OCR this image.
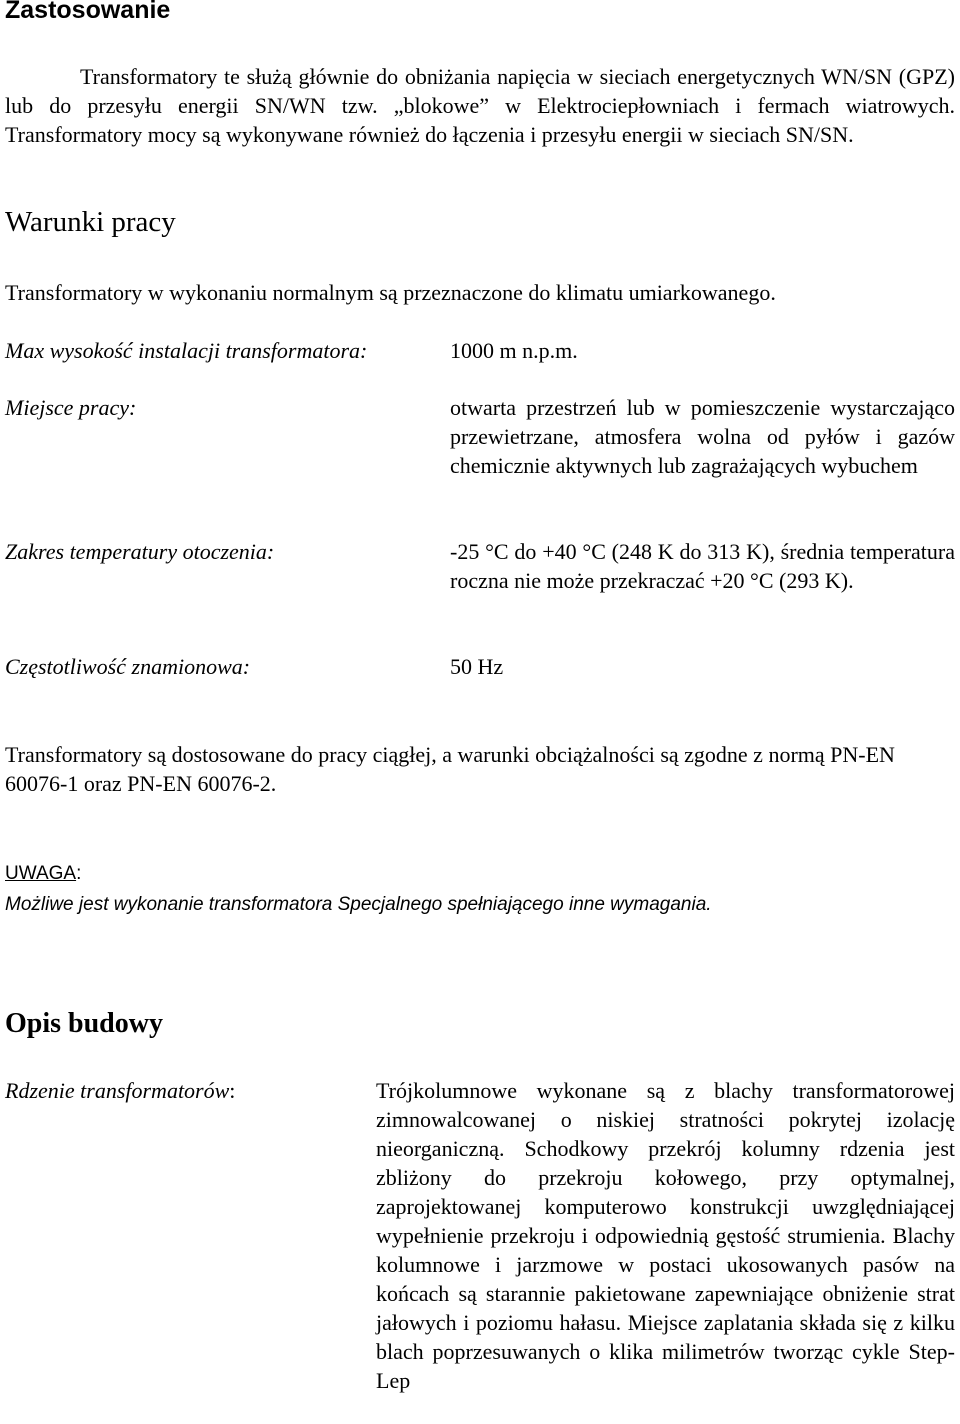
Zastosowanie

Transformatory te służą głównie do obniżania napięcia w sieciach energetycznych WN/SN (GPZ) lub do przesyłu energii SN/WN tzw. „blokowe” w Elektrociepłowniach i fermach wiatrowych. Transformatory mocy są wykonywane również do łączenia i przesyłu energii w sieciach SN/SN.

Warunki pracy

Transformatory w wykonaniu normalnym są przeznaczone do klimatu umiarkowanego.

Max wysokość instalacji transformatora:	1000 m n.p.m.
Miejsce pracy:	otwarta przestrzeń lub w pomieszczenie wystarczająco przewietrzane, atmosfera wolna od pyłów i gazów chemicznie aktywnych lub zagrażających wybuchem
Zakres temperatury otoczenia:	-25 °C do +40 °C (248 K do 313 K), średnia temperatura roczna nie może przekraczać +20 °C (293 K).
Częstotliwość znamionowa:	50 Hz

Transformatory są dostosowane do pracy ciągłej, a warunki obciążalności są zgodne z normą PN-EN 60076-1 oraz PN-EN 60076-2.

UWAGA:
Możliwe jest wykonanie transformatora Specjalnego spełniającego inne wymagania.
Opis budowy
Rdzenie transformatorów:	Trójkolumnowe wykonane są z blachy transformatorowej zimnowalcowanej o niskiej stratności pokrytej izolację nieorganiczną. Schodkowy przekrój kolumny rdzenia jest zbliżony do przekroju kołowego, przy optymalnej, zaprojektowanej komputerowo konstrukcji uwzględniającej wypełnienie przekroju i odpowiednią gęstość strumienia. Blachy kolumnowe i jarzmowe w postaci ukosowanych pasów na końcach są starannie pakietowane zapewniające obniżenie strat jałowych i poziomu hałasu. Miejsce zaplatania składa się z kilku blach poprzesuwanych o klika milimetrów tworząc cykle Step-Lep
